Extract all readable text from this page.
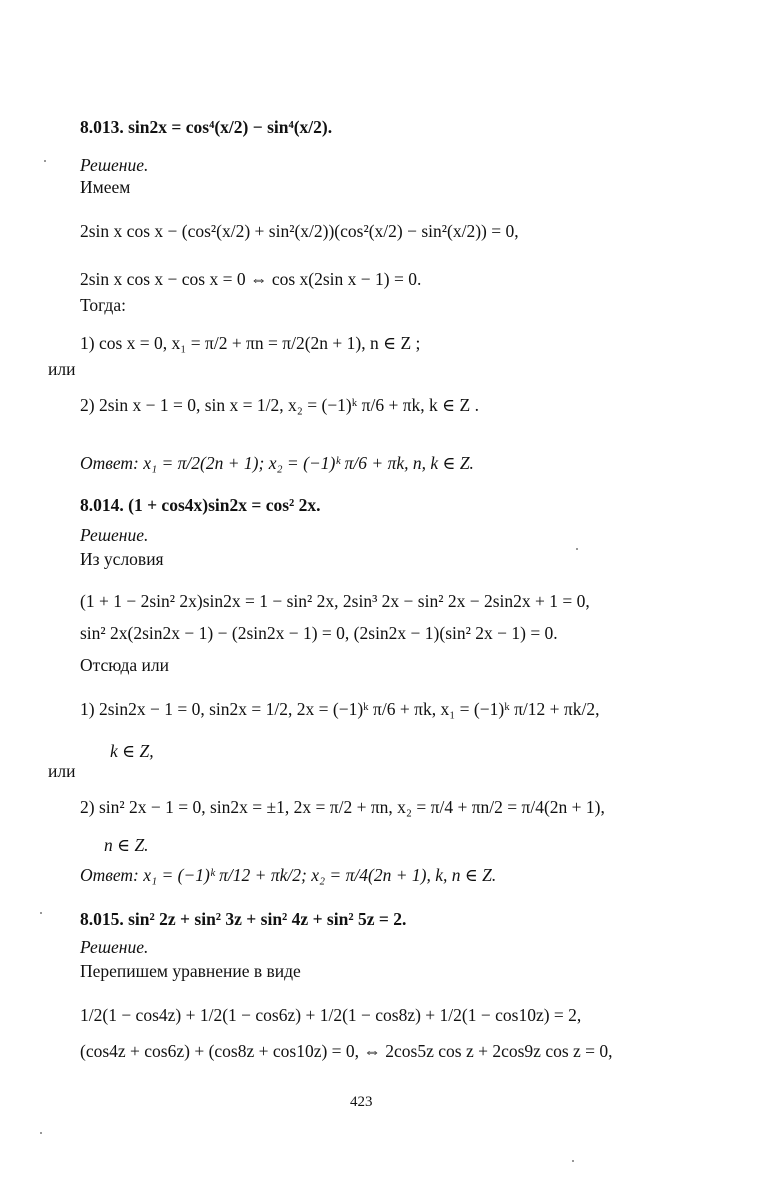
8.013. sin2x = cos⁴(x/2) − sin⁴(x/2).
Решение.
Имеем
2sin x cos x − (cos²(x/2) + sin²(x/2))(cos²(x/2) − sin²(x/2)) = 0,
2sin x cos x − cos x = 0 ⇔ cos x(2sin x − 1) = 0.
Тогда:
1) cos x = 0, x₁ = π/2 + πn = π/2(2n + 1), n ∈ Z ;
или
2) 2sin x − 1 = 0, sin x = 1/2, x₂ = (−1)ᵏ π/6 + πk, k ∈ Z .
Ответ: x₁ = π/2(2n + 1); x₂ = (−1)ᵏ π/6 + πk, n, k ∈ Z.
8.014. (1 + cos4x)sin2x = cos² 2x.
Решение.
Из условия
(1 + 1 − 2sin² 2x)sin2x = 1 − sin² 2x, 2sin³ 2x − sin² 2x − 2sin2x + 1 = 0,
sin² 2x(2sin2x − 1) − (2sin2x − 1) = 0, (2sin2x − 1)(sin² 2x − 1) = 0.
Отсюда или
1) 2sin2x − 1 = 0, sin2x = 1/2, 2x = (−1)ᵏ π/6 + πk, x₁ = (−1)ᵏ π/12 + πk/2,
k ∈ Z,
или
2) sin² 2x − 1 = 0, sin2x = ±1, 2x = π/2 + πn, x₂ = π/4 + πn/2 = π/4(2n + 1),
n ∈ Z.
Ответ: x₁ = (−1)ᵏ π/12 + πk/2; x₂ = π/4(2n + 1), k, n ∈ Z.
8.015. sin² 2z + sin² 3z + sin² 4z + sin² 5z = 2.
Решение.
Перепишем уравнение в виде
1/2(1 − cos4z) + 1/2(1 − cos6z) + 1/2(1 − cos8z) + 1/2(1 − cos10z) = 2,
(cos4z + cos6z) + (cos8z + cos10z) = 0, ⇔ 2cos5z cos z + 2cos9z cos z = 0,
423
